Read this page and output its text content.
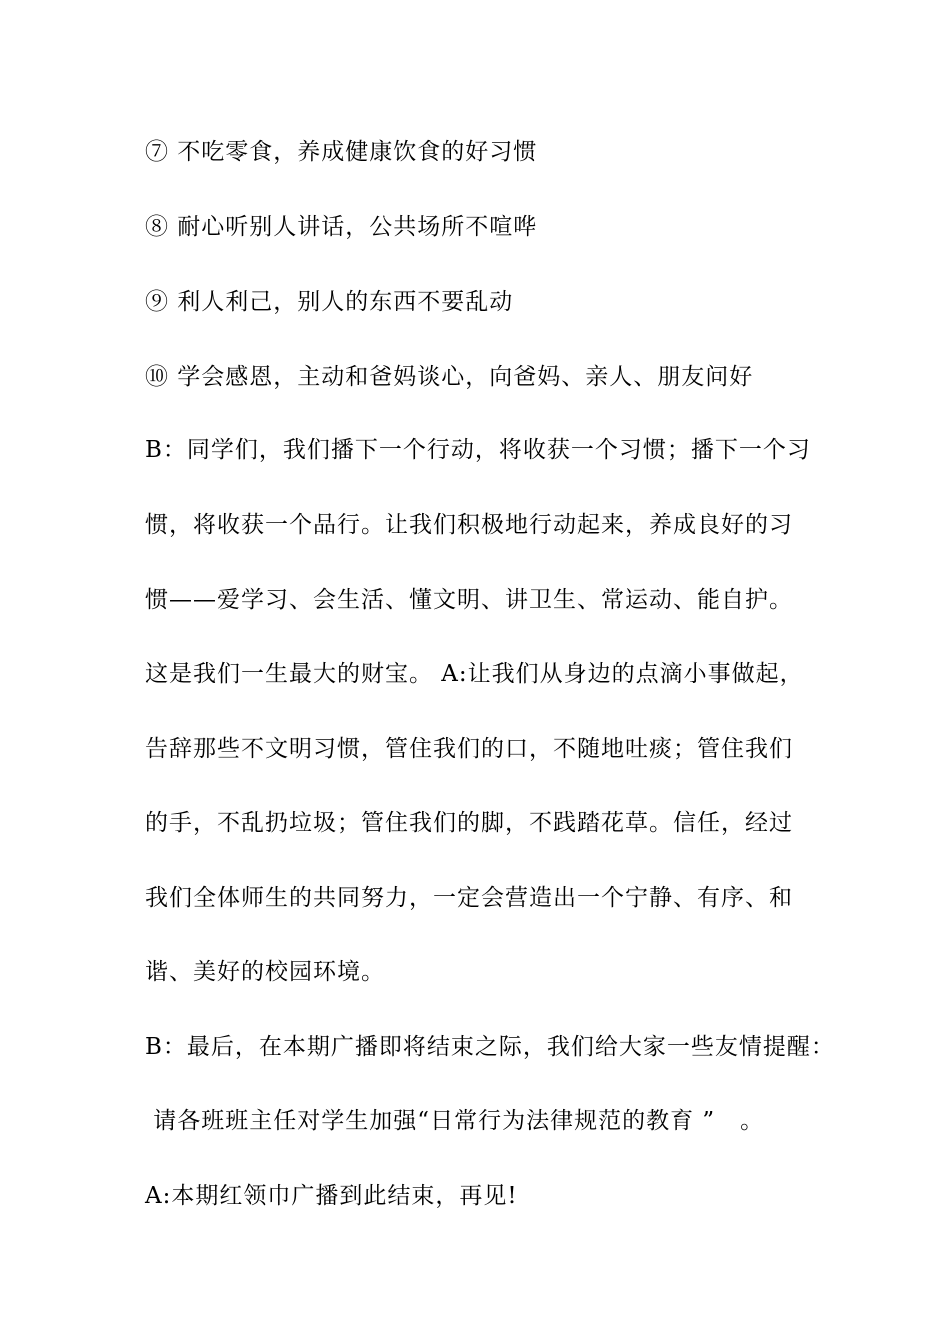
⑦ 不吃零食，养成健康饮食的好习惯
⑧ 耐心听别人讲话，公共场所不喧哗
⑨ 利人利己，别人的东西不要乱动
⑩ 学会感恩，主动和爸妈谈心，向爸妈、亲人、朋友问好
B：同学们，我们播下一个行动，将收获一个习惯；播下一个习
惯，将收获一个品行。让我们积极地行动起来，养成良好的习
惯——爱学习、会生活、懂文明、讲卫生、常运动、能自护。
这是我们一生最大的财宝。 A:让我们从身边的点滴小事做起，
告辞那些不文明习惯，管住我们的口，不随地吐痰；管住我们
的手，不乱扔垃圾；管住我们的脚，不践踏花草。信任，经过
我们全体师生的共同努力，一定会营造出一个宁静、有序、和
谐、美好的校园环境。
B：最后，在本期广播即将结束之际，我们给大家一些友情提醒：
请各班班主任对学生加强“日常行为法律规范的教育 ”   。
A:本期红领巾广播到此结束，再见!
